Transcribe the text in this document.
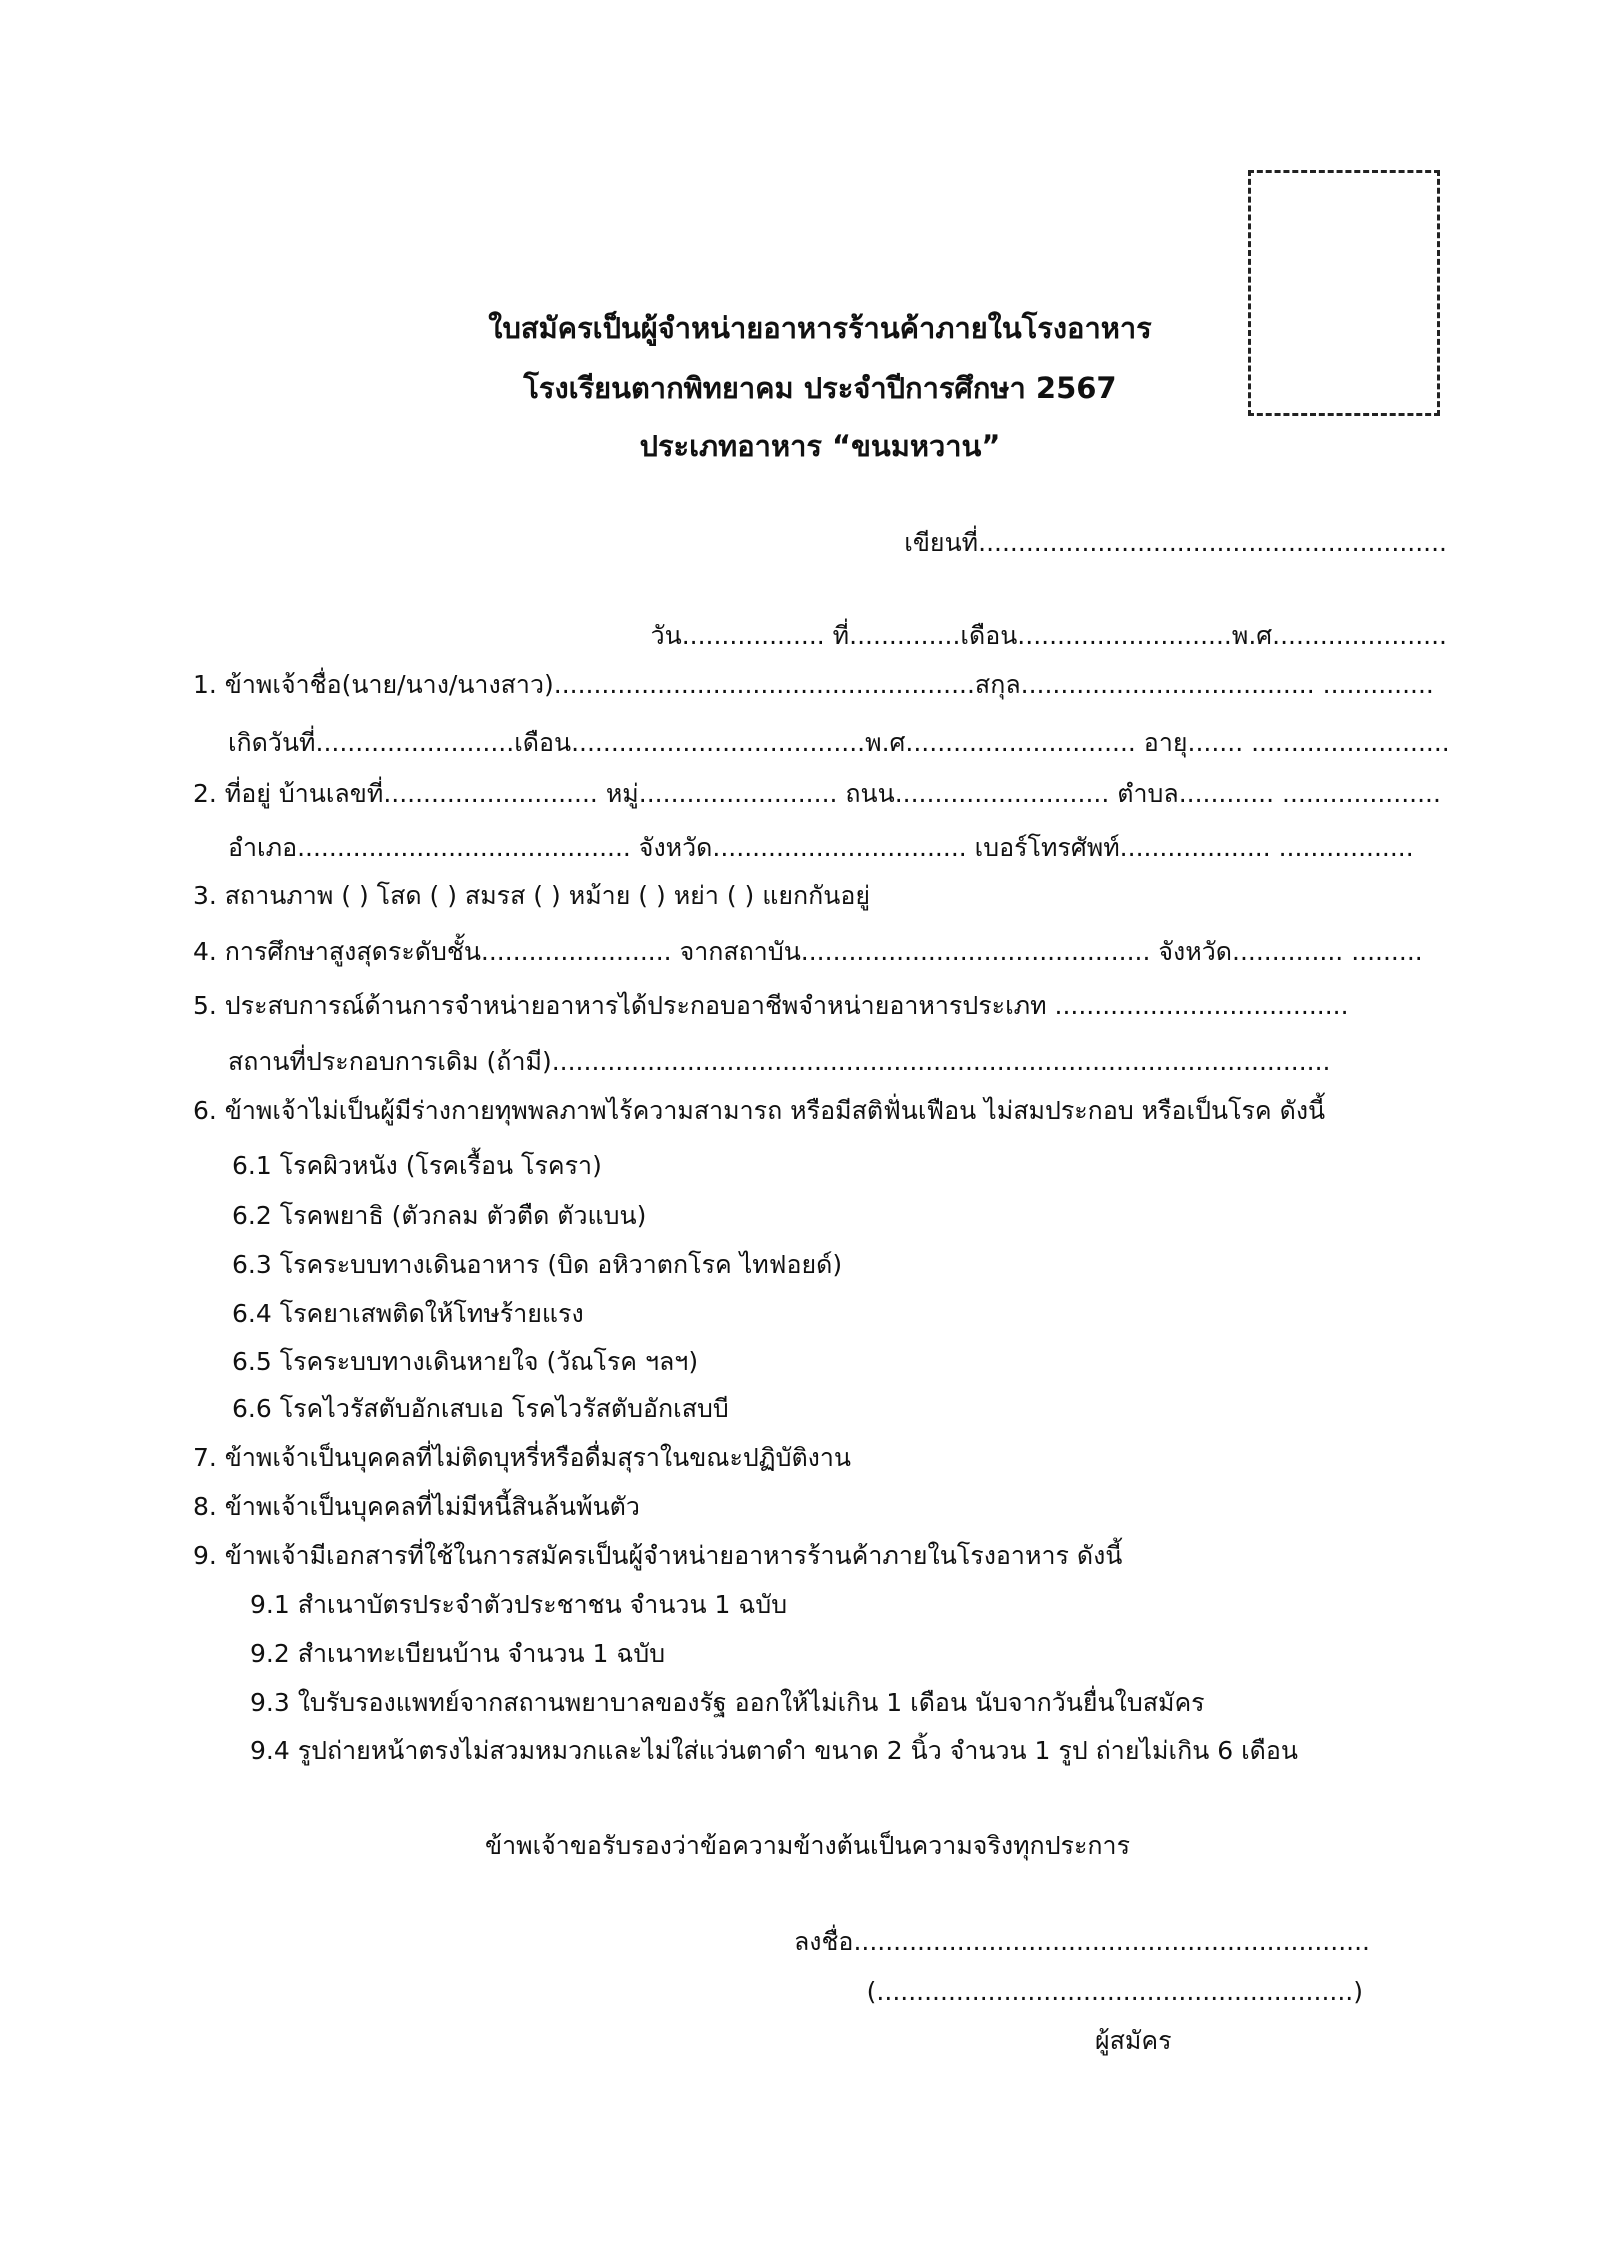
ใบสมัครเป็นผู้จำหน่ายอาหารร้านค้าภายในโรงอาหาร
โรงเรียนตากพิทยาคม ประจำปีการศึกษา 2567
ประเภทอาหาร “ขนมหวาน”
เขียนที่...........................................................
วัน.................. ที่..............เดือน...........................พ.ศ......................
1. ข้าพเจ้าชื่อ(นาย/นาง/นางสาว).....................................................สกุล..................................... ..............
เกิดวันที่.........................เดือน.....................................พ.ศ............................. อายุ....... .........................
2. ที่อยู่ บ้านเลขที่........................... หมู่......................... ถนน........................... ตำบล............ ....................
อำเภอ.......................................... จังหวัด................................ เบอร์โทรศัพท์................... .................
3. สถานภาพ ( ) โสด ( ) สมรส ( ) หม้าย ( ) หย่า ( ) แยกกันอยู่
4. การศึกษาสูงสุดระดับชั้น........................ จากสถาบัน............................................ จังหวัด.............. .........
5. ประสบการณ์ด้านการจำหน่ายอาหารได้ประกอบอาชีพจำหน่ายอาหารประเภท .....................................
สถานที่ประกอบการเดิม (ถ้ามี)..................................................................................................
6. ข้าพเจ้าไม่เป็นผู้มีร่างกายทุพพลภาพไร้ความสามารถ หรือมีสติฟั่นเฟือน ไม่สมประกอบ หรือเป็นโรค ดังนี้
6.1 โรคผิวหนัง (โรคเรื้อน โรครา)
6.2 โรคพยาธิ (ตัวกลม ตัวตืด ตัวแบน)
6.3 โรคระบบทางเดินอาหาร (บิด อหิวาตกโรค ไทฟอยด์)
6.4 โรคยาเสพติดให้โทษร้ายแรง
6.5 โรคระบบทางเดินหายใจ (วัณโรค ฯลฯ)
6.6 โรคไวรัสตับอักเสบเอ โรคไวรัสตับอักเสบบี
7. ข้าพเจ้าเป็นบุคคลที่ไม่ติดบุหรี่หรือดื่มสุราในขณะปฏิบัติงาน
8. ข้าพเจ้าเป็นบุคคลที่ไม่มีหนี้สินล้นพ้นตัว
9. ข้าพเจ้ามีเอกสารที่ใช้ในการสมัครเป็นผู้จำหน่ายอาหารร้านค้าภายในโรงอาหาร ดังนี้
9.1 สำเนาบัตรประจำตัวประชาชน จำนวน 1 ฉบับ
9.2 สำเนาทะเบียนบ้าน จำนวน 1 ฉบับ
9.3 ใบรับรองแพทย์จากสถานพยาบาลของรัฐ ออกให้ไม่เกิน 1 เดือน นับจากวันยื่นใบสมัคร
9.4 รูปถ่ายหน้าตรงไม่สวมหมวกและไม่ใส่แว่นตาดำ ขนาด 2 นิ้ว จำนวน 1 รูป ถ่ายไม่เกิน 6 เดือน
ข้าพเจ้าขอรับรองว่าข้อความข้างต้นเป็นความจริงทุกประการ
ลงชื่อ.................................................................
(............................................................)
ผู้สมัคร
